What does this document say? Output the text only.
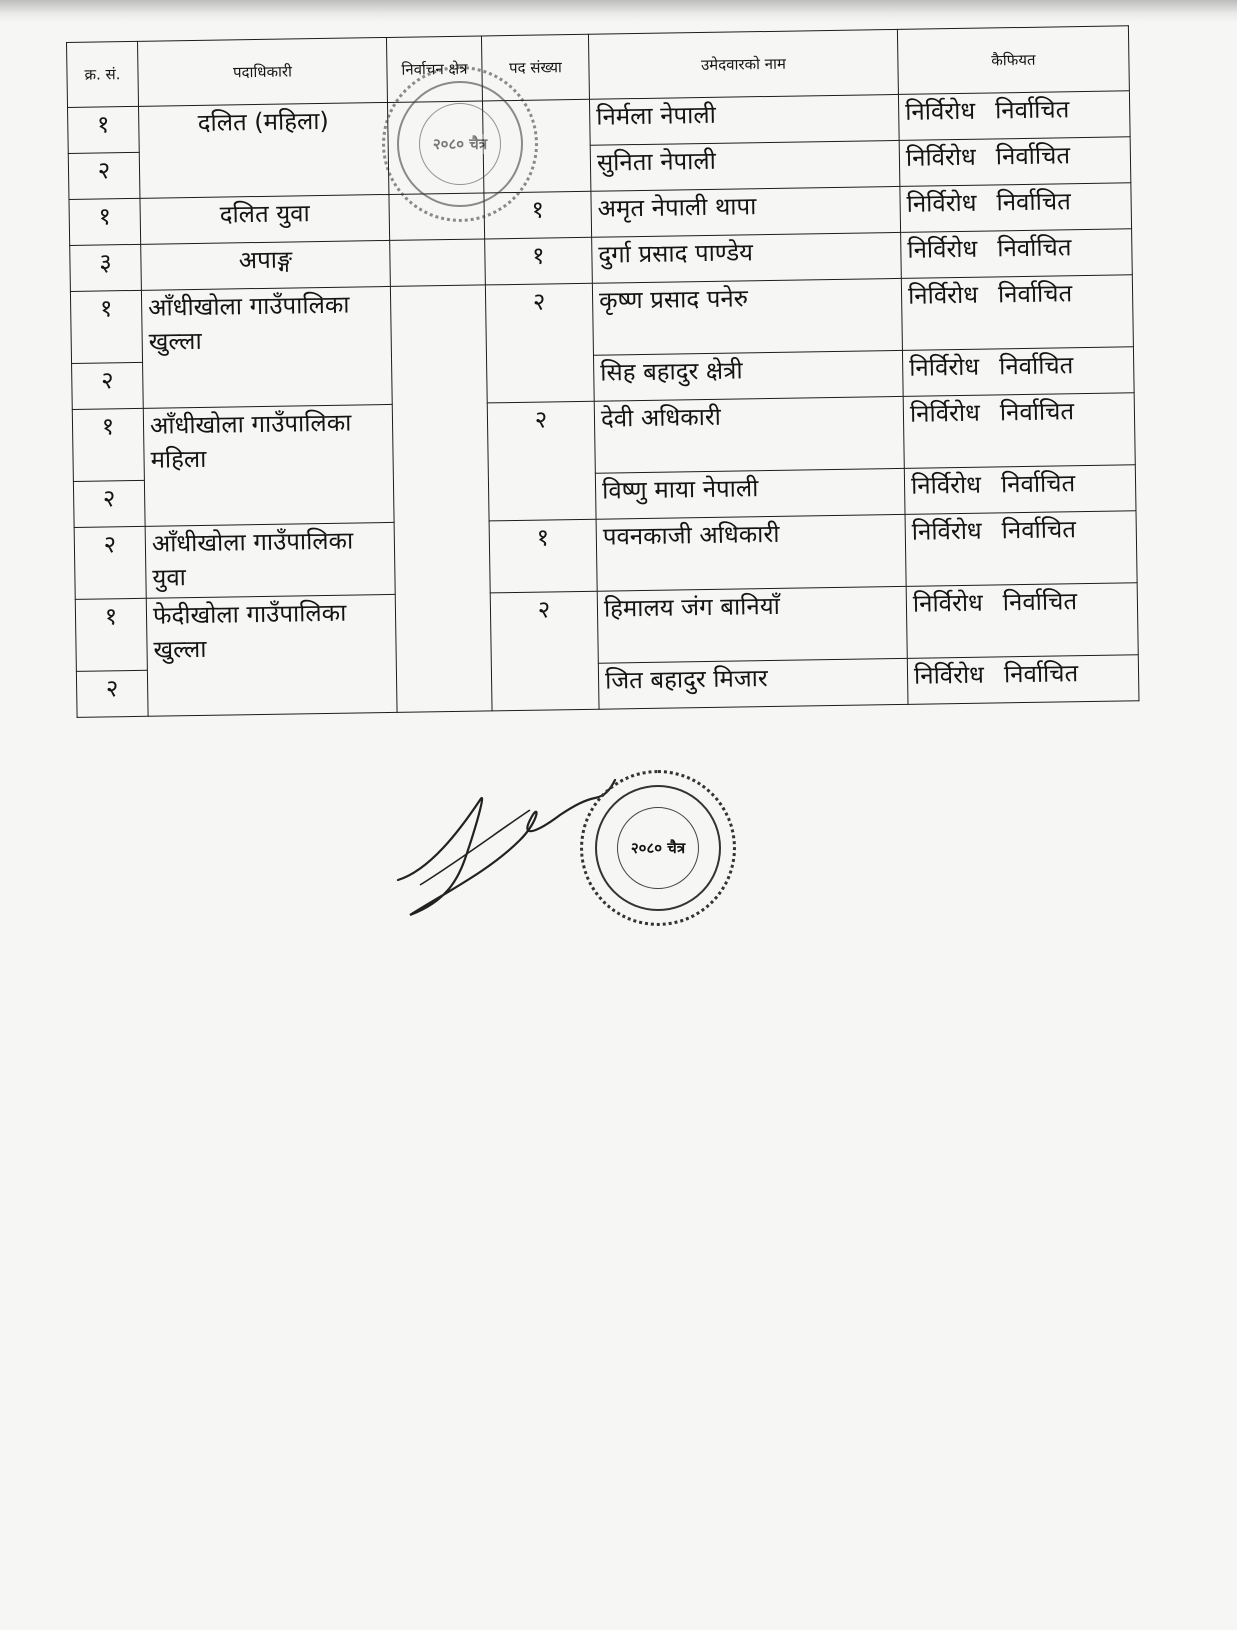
क्र. सं.	पदाधिकारी	निर्वाचन क्षेत्र	पद संख्या	उमेदवारको नाम	कैफियत
१	दलित (महिला)			निर्मला नेपाली	निर्विरोध निर्वाचित
२				सुनिता नेपाली	निर्विरोध निर्वाचित
१	दलित युवा		१	अमृत नेपाली थापा	निर्विरोध निर्वाचित
३	अपाङ्ग		१	दुर्गा प्रसाद पाण्डेय	निर्विरोध निर्वाचित
१	आँधीखोला गाउँपालिका खुल्ला		२	कृष्ण प्रसाद पनेरु	निर्विरोध निर्वाचित
२				सिह बहादुर क्षेत्री	निर्विरोध निर्वाचित
१	आँधीखोला गाउँपालिका महिला		२	देवी अधिकारी	निर्विरोध निर्वाचित
२				विष्णु माया नेपाली	निर्विरोध निर्वाचित
२	आँधीखोला गाउँपालिका युवा		१	पवनकाजी अधिकारी	निर्विरोध निर्वाचित
१	फेदीखोला गाउँपालिका खुल्ला		२	हिमालय जंग बानियाँ	निर्विरोध निर्वाचित
२				जित बहादुर मिजार	निर्विरोध निर्वाचित
२०८० चैत्र
२०८० चैत्र
